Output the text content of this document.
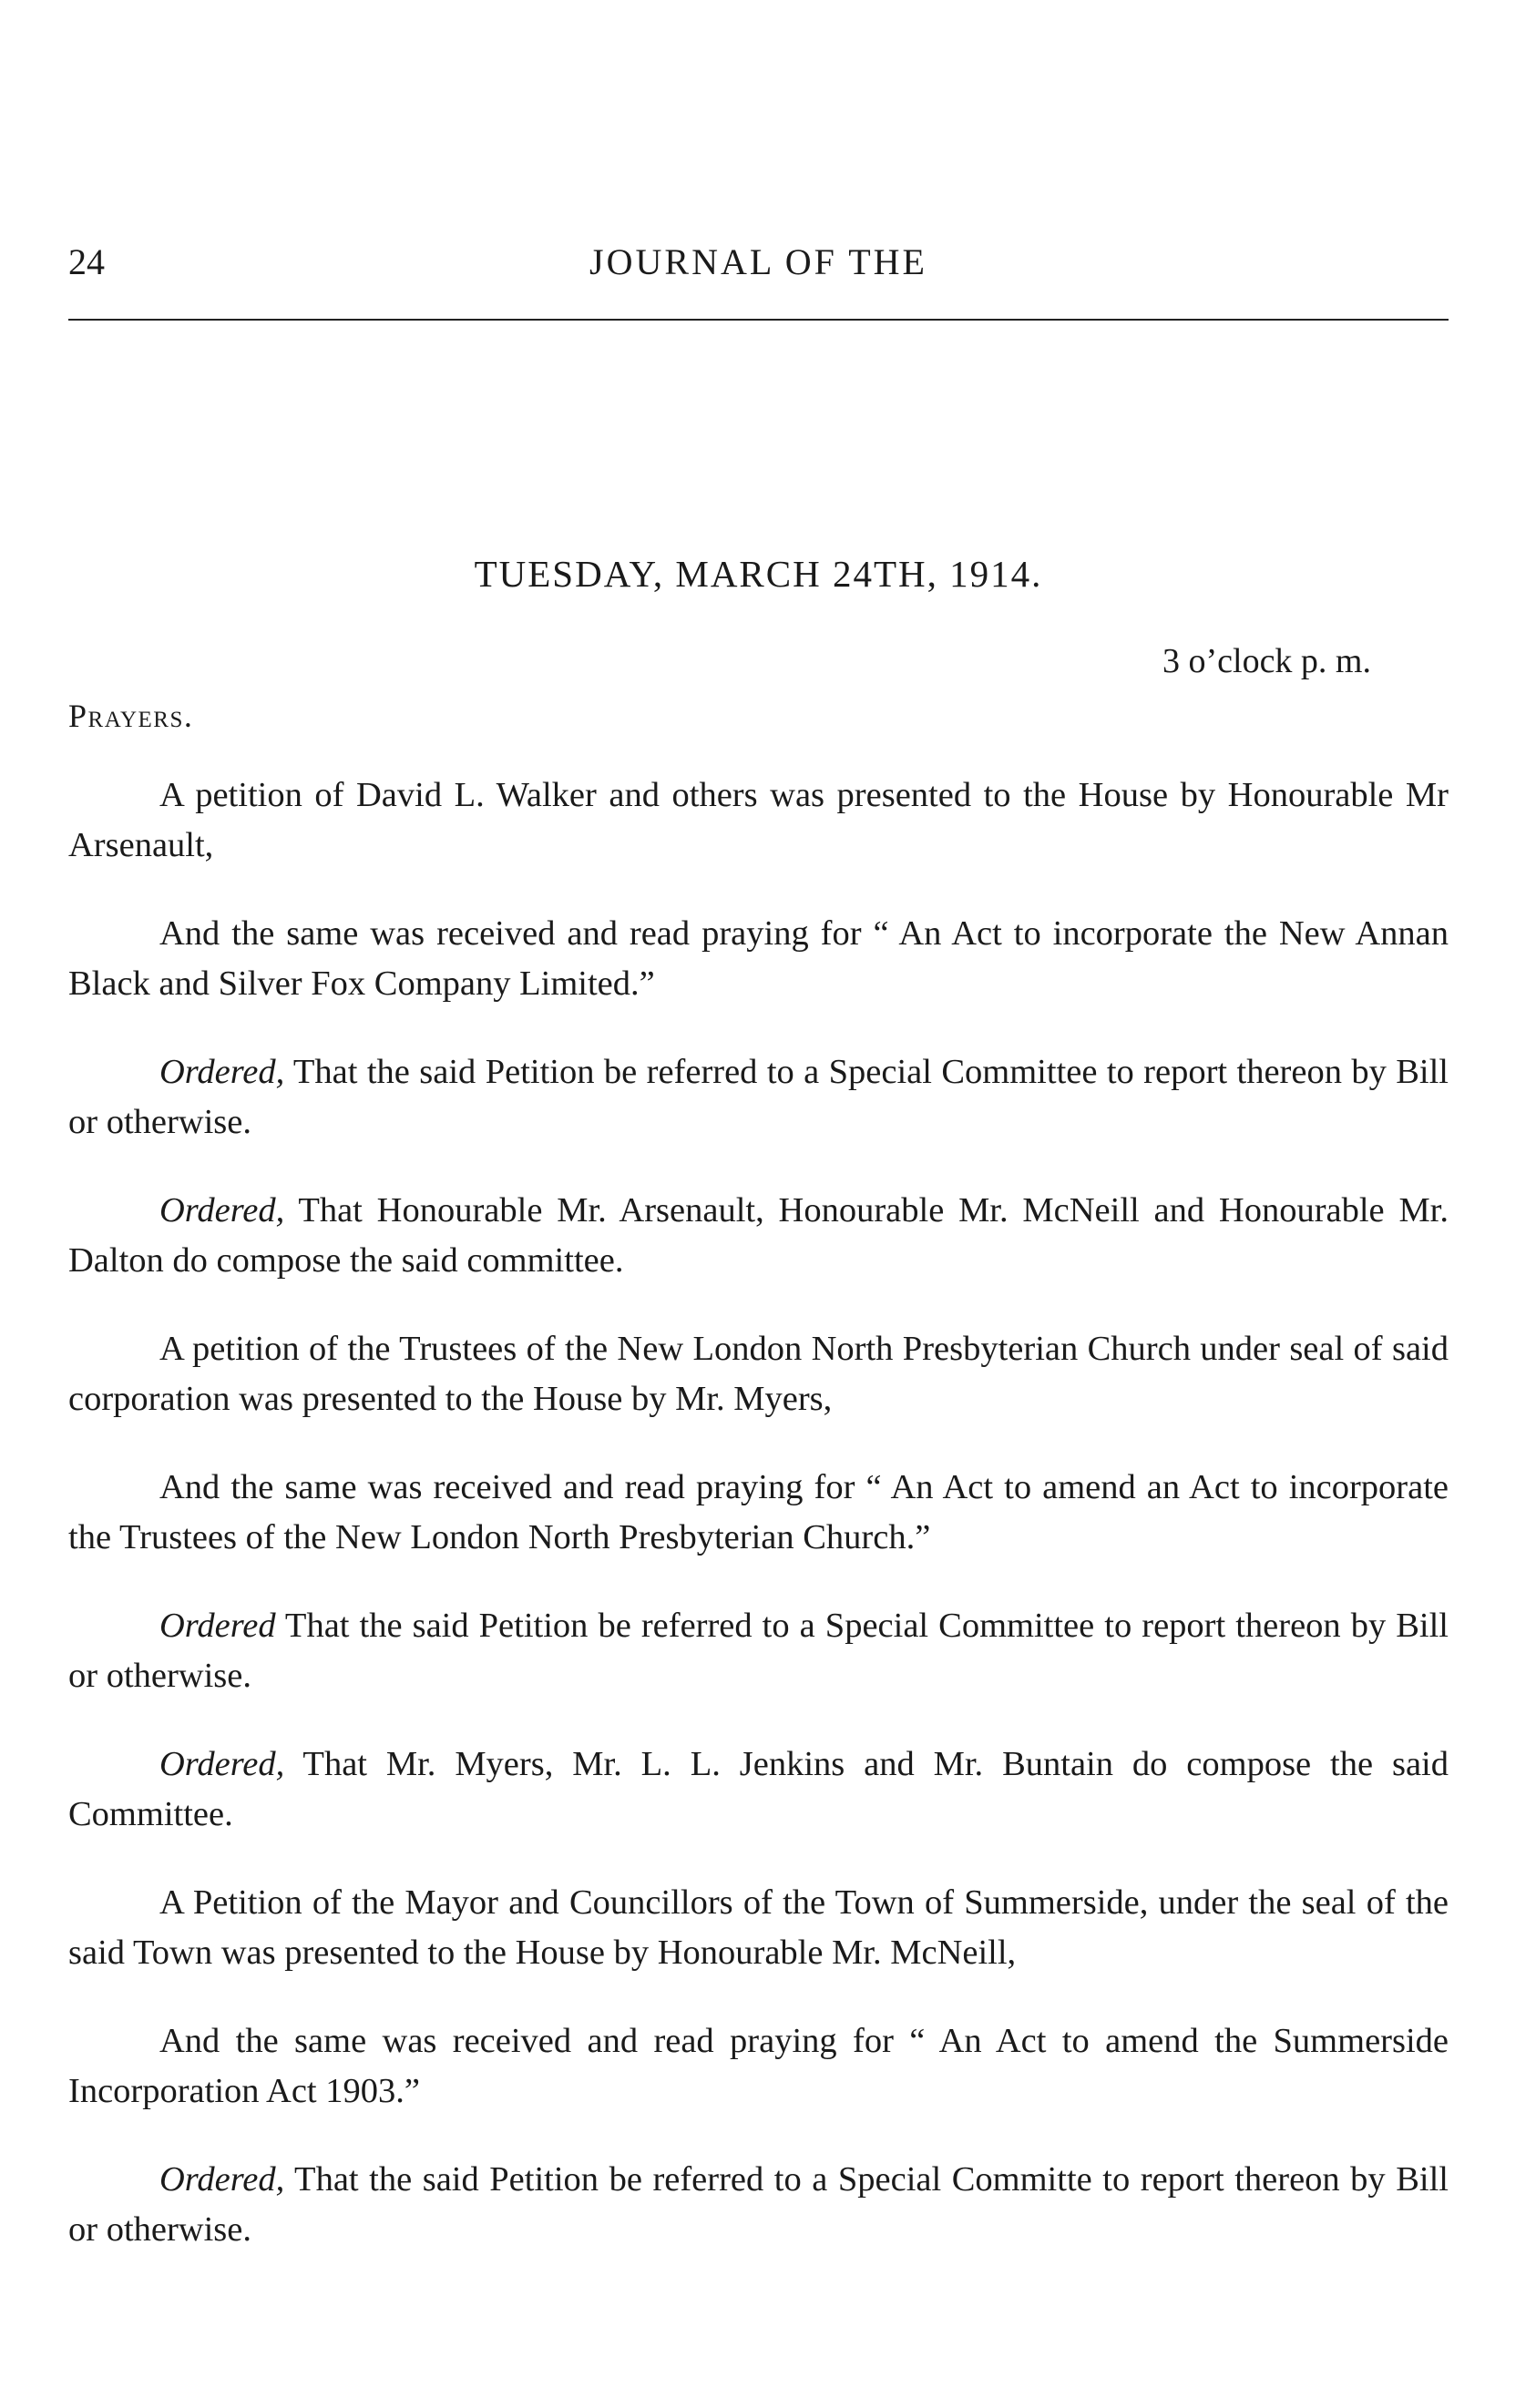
24	JOURNAL OF THE
TUESDAY, MARCH 24TH, 1914.
3 o’clock p. m.
Prayers.

A petition of David L. Walker and others was presented to the House by Honourable Mr Arsenault,

And the same was received and read praying for “ An Act to incorporate the New Annan Black and Silver Fox Company Limited.”

Ordered, That the said Petition be referred to a Special Committee to report thereon by Bill or otherwise.

Ordered, That Honourable Mr. Arsenault, Honourable Mr. McNeill and Honourable Mr. Dalton do compose the said committee.

A petition of the Trustees of the New London North Presbyterian Church under seal of said corporation was presented to the House by Mr. Myers,

And the same was received and read praying for “ An Act to amend an Act to incorporate the Trustees of the New London North Presbyterian Church.”

Ordered That the said Petition be referred to a Special Committee to report thereon by Bill or otherwise.

Ordered, That Mr. Myers, Mr. L. L. Jenkins and Mr. Buntain do compose the said Committee.

A Petition of the Mayor and Councillors of the Town of Summerside, under the seal of the said Town was presented to the House by Honourable Mr. McNeill,

And the same was received and read praying for “ An Act to amend the Summerside Incorporation Act 1903.”

Ordered, That the said Petition be referred to a Special Committe to report thereon by Bill or otherwise.
